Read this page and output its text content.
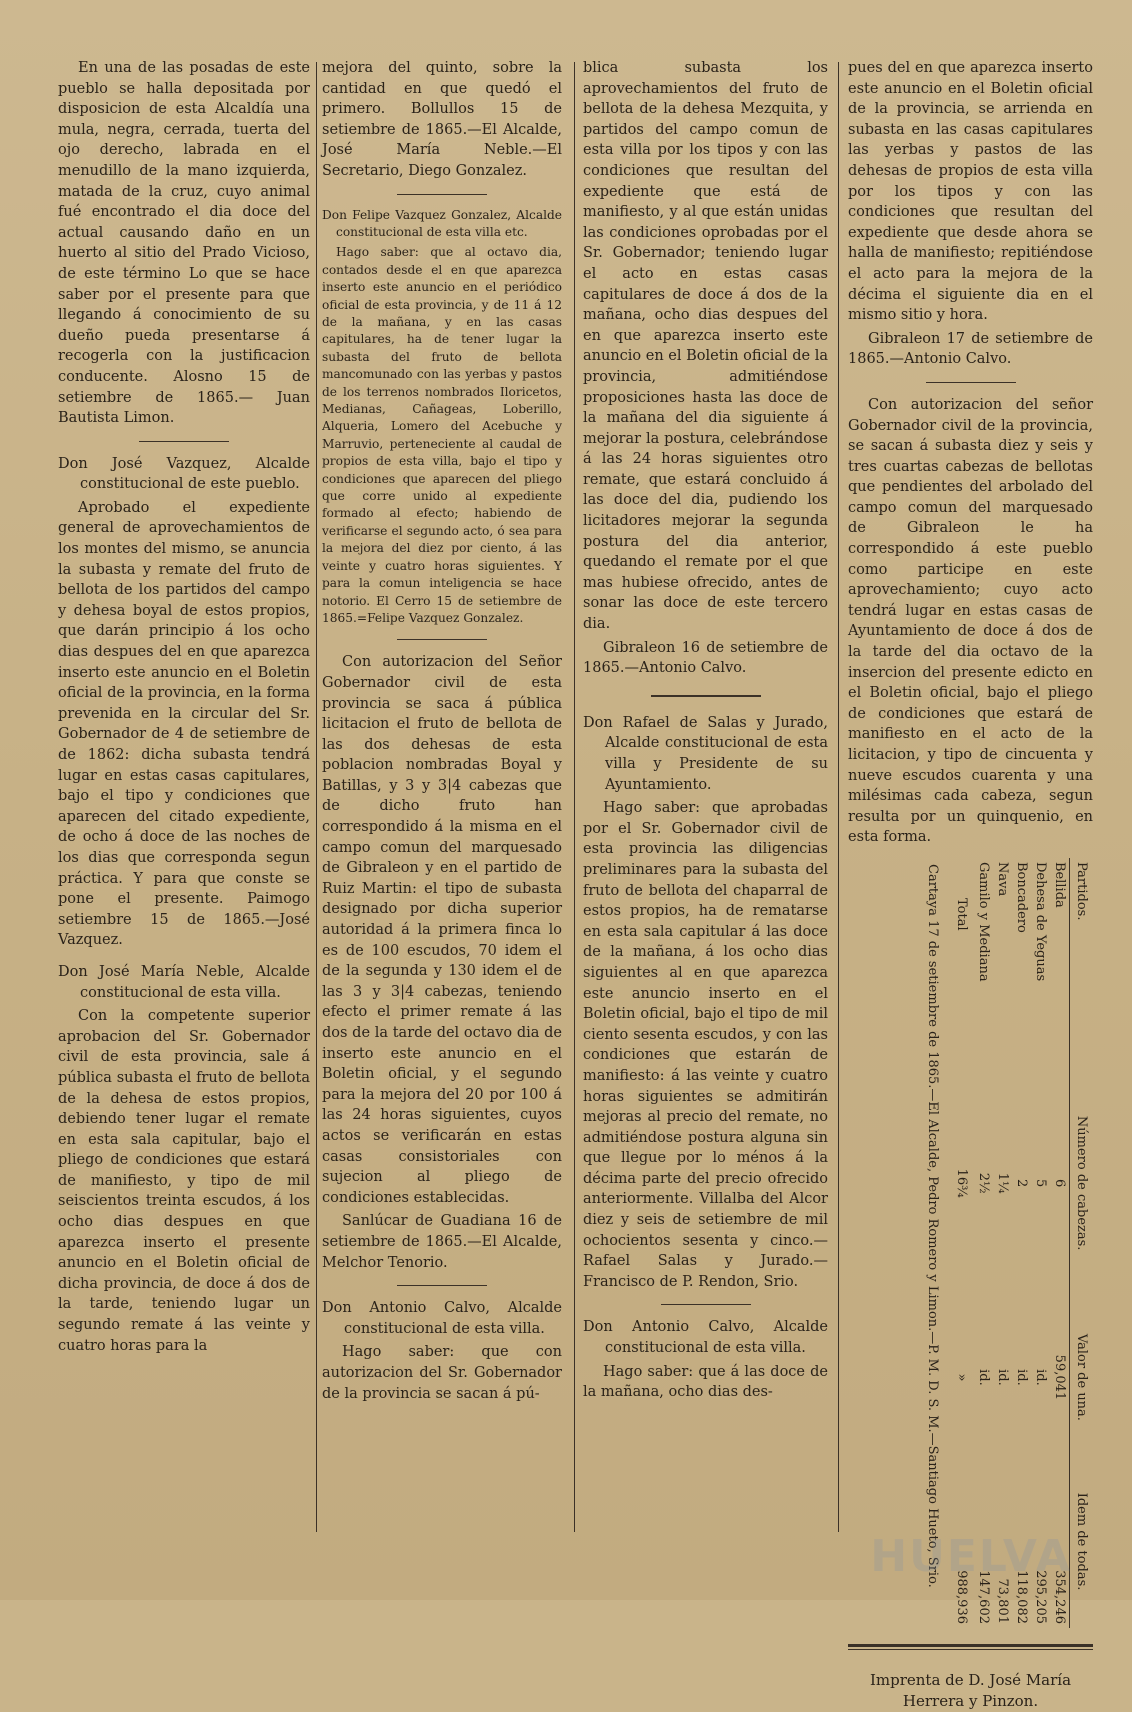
En una de las posadas de este pueblo se halla depositada por disposicion de esta Alcaldía una mula, negra, cerrada, tuerta del ojo derecho, labrada en el menudillo de la mano izquierda, matada de la cruz, cuyo animal fué encontrado el dia doce del actual causando daño en un huerto al sitio del Prado Vicioso, de este término Lo que se hace saber por el presente para que llegando á conocimiento de su dueño pueda presentarse á recogerla con la justificacion conducente. Alosno 15 de setiembre de 1865.— Juan Bautista Limon.

Don José Vazquez, Alcalde constitucional de este pueblo.

Aprobado el expediente general de aprovechamientos de los montes del mismo, se anuncia la subasta y remate del fruto de bellota de los partidos del campo y dehesa boyal de estos propios, que darán principio á los ocho dias despues del en que aparezca inserto este anuncio en el Boletin oficial de la provincia, en la forma prevenida en la circular del Sr. Gobernador de 4 de setiembre de de 1862: dicha subasta tendrá lugar en estas casas capitulares, bajo el tipo y condiciones que aparecen del citado expediente, de ocho á doce de las noches de los dias que corresponda segun práctica. Y para que conste se pone el presente. Paimogo setiembre 15 de 1865.—José Vazquez.

Don José María Neble, Alcalde constitucional de esta villa.

Con la competente superior aprobacion del Sr. Gobernador civil de esta provincia, sale á pública subasta el fruto de bellota de la dehesa de estos propios, debiendo tener lugar el remate en esta sala capitular, bajo el pliego de condiciones que estará de manifiesto, y tipo de mil seiscientos treinta escudos, á los ocho dias despues en que aparezca inserto el presente anuncio en el Boletin oficial de dicha provincia, de doce á dos de la tarde, teniendo lugar un segundo remate á las veinte y cuatro horas para la

mejora del quinto, sobre la cantidad en que quedó el primero. Bollullos 15 de setiembre de 1865.—El Alcalde, José María Neble.—El Secretario, Diego Gonzalez.

Don Felipe Vazquez Gonzalez, Alcalde constitucional de esta villa etc.

Hago saber: que al octavo dia, contados desde el en que aparezca inserto este anuncio en el periódico oficial de esta provincia, y de 11 á 12 de la mañana, y en las casas capitulares, ha de tener lugar la subasta del fruto de bellota mancomunado con las yerbas y pastos de los terrenos nombrados Iloricetos, Medianas, Cañageas, Loberillo, Alqueria, Lomero del Acebuche y Marruvio, perteneciente al caudal de propios de esta villa, bajo el tipo y condiciones que aparecen del pliego que corre unido al expediente formado al efecto; habiendo de verificarse el segundo acto, ó sea para la mejora del diez por ciento, á las veinte y cuatro horas siguientes. Y para la comun inteligencia se hace notorio. El Cerro 15 de setiembre de 1865.=Felipe Vazquez Gonzalez.

Con autorizacion del Señor Gobernador civil de esta provincia se saca á pública licitacion el fruto de bellota de las dos dehesas de esta poblacion nombradas Boyal y Batillas, y 3 y 3|4 cabezas que de dicho fruto han correspondido á la misma en el campo comun del marquesado de Gibraleon y en el partido de Ruiz Martin: el tipo de subasta designado por dicha superior autoridad á la primera finca lo es de 100 escudos, 70 idem el de la segunda y 130 idem el de las 3 y 3|4 cabezas, teniendo efecto el primer remate á las dos de la tarde del octavo dia de inserto este anuncio en el Boletin oficial, y el segundo para la mejora del 20 por 100 á las 24 horas siguientes, cuyos actos se verificarán en estas casas consistoriales con sujecion al pliego de condiciones establecidas.

Sanlúcar de Guadiana 16 de setiembre de 1865.—El Alcalde, Melchor Tenorio.

Don Antonio Calvo, Alcalde constitucional de esta villa.

Hago saber: que con autorizacion del Sr. Gobernador de la provincia se sacan á pú-

blica subasta los aprovechamientos del fruto de bellota de la dehesa Mezquita, y partidos del campo comun de esta villa por los tipos y con las condiciones que resultan del expediente que está de manifiesto, y al que están unidas las condiciones oprobadas por el Sr. Gobernador; teniendo lugar el acto en estas casas capitulares de doce á dos de la mañana, ocho dias despues del en que aparezca inserto este anuncio en el Boletin oficial de la provincia, admitiéndose proposiciones hasta las doce de la mañana del dia siguiente á mejorar la postura, celebrándose á las 24 horas siguientes otro remate, que estará concluido á las doce del dia, pudiendo los licitadores mejorar la segunda postura del dia anterior, quedando el remate por el que mas hubiese ofrecido, antes de sonar las doce de este tercero dia.

Gibraleon 16 de setiembre de 1865.—Antonio Calvo.

Don Rafael de Salas y Jurado, Alcalde constitucional de esta villa y Presidente de su Ayuntamiento.

Hago saber: que aprobadas por el Sr. Gobernador civil de esta provincia las diligencias preliminares para la subasta del fruto de bellota del chaparral de estos propios, ha de rematarse en esta sala capitular á las doce de la mañana, á los ocho dias siguientes al en que aparezca este anuncio inserto en el Boletin oficial, bajo el tipo de mil ciento sesenta escudos, y con las condiciones que estarán de manifiesto: á las veinte y cuatro horas siguientes se admitirán mejoras al precio del remate, no admitiéndose postura alguna sin que llegue por lo ménos á la décima parte del precio ofrecido anteriormente. Villalba del Alcor diez y seis de setiembre de mil ochocientos sesenta y cinco.—Rafael Salas y Jurado.—Francisco de P. Rendon, Srio.

Don Antonio Calvo, Alcalde constitucional de esta villa.

Hago saber: que á las doce de la mañana, ocho dias des-

pues del en que aparezca inserto este anuncio en el Boletin oficial de la provincia, se arrienda en subasta en las casas capitulares las yerbas y pastos de las dehesas de propios de esta villa por los tipos y con las condiciones que resultan del expediente que desde ahora se halla de manifiesto; repitiéndose el acto para la mejora de la décima el siguiente dia en el mismo sitio y hora.

Gibraleon 17 de setiembre de 1865.—Antonio Calvo.

Con autorizacion del señor Gobernador civil de la provincia, se sacan á subasta diez y seis y tres cuartas cabezas de bellotas que pendientes del arbolado del campo comun del marquesado de Gibraleon le ha correspondido á este pueblo como participe en este aprovechamiento; cuyo acto tendrá lugar en estas casas de Ayuntamiento de doce á dos de la tarde del dia octavo de la insercion del presente edicto en el Boletin oficial, bajo el pliego de condiciones que estará de manifiesto en el acto de la licitacion, y tipo de cincuenta y nueve escudos cuarenta y una milésimas cada cabeza, segun resulta por un quinquenio, en esta forma.

Partidos.	Número de cabezas.	Valor de una.	Idem de todas.
Bellida	6	59,041	354,246
Dehesa de Yeguas	5	id.	295,205
Boncadero	2	id.	118,082
Nava	1¼	id.	73,801
Gamilo y Mediana	2½	id.	147,602
Total	16¾	»	988,936
Cartaya 17 de setiembre de 1865.—El Alcalde, Pedro Romero y Limon.—P. M. D. S. M.—Santiago Hueto, Srio.
Imprenta de D. José María Herrera y Pinzon.
HUELVA
